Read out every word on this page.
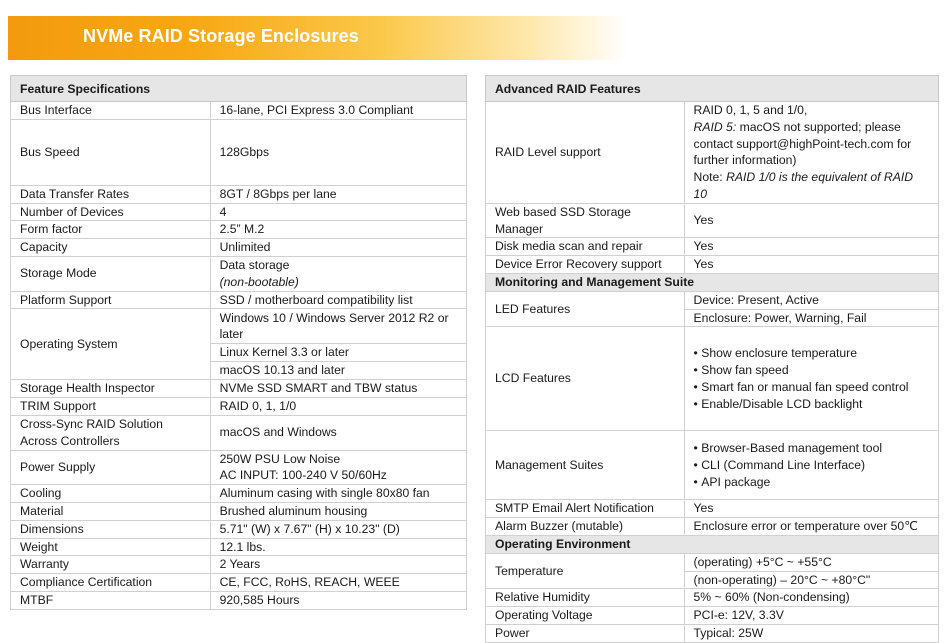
NVMe RAID Storage Enclosures
Feature Specifications	
Bus Interface	16-lane, PCI Express 3.0 Compliant
Bus Speed	128Gbps
Data Transfer Rates	8GT / 8Gbps per lane
Number of Devices	4
Form factor	2.5” M.2
Capacity	Unlimited
Storage Mode	Data storage
(non-bootable)

Platform Support	SSD / motherboard compatibility list
Operating System	Windows 10 / Windows Server 2012 R2 or later
	Linux Kernel 3.3 or later
	macOS 10.13 and later
Storage Health Inspector	NVMe SSD SMART and TBW status
TRIM Support	RAID 0, 1, 1/0
Cross-Sync RAID Solution Across Controllers	macOS and Windows
Power Supply	250W PSU Low Noise
AC INPUT: 100-240 V 50/60Hz

Cooling	Aluminum casing with single 80x80 fan
Material	Brushed aluminum housing
Dimensions	5.71" (W) x 7.67" (H) x 10.23" (D)
Weight	12.1 lbs.
Warranty	2 Years
Compliance Certification	CE, FCC, RoHS, REACH, WEEE
MTBF	920,585 Hours
Advanced RAID Features	
RAID Level support	RAID 0, 1, 5 and 1/0,
RAID 5: macOS not supported; please contact support@highPoint-tech.com for further information)
Note: RAID 1/0 is the equivalent of RAID 10

Web based SSD Storage Manager	Yes
Disk media scan and repair	Yes
Device Error Recovery support	Yes
Monitoring and Management Suite	
LED Features	Device: Present, Active
	Enclosure: Power, Warning, Fail
LCD Features	• Show enclosure temperature
• Show fan speed
• Smart fan or manual fan speed control
• Enable/Disable LCD backlight

Management Suites	• Browser-Based management tool
• CLI (Command Line Interface)
• API package

SMTP Email Alert Notification	Yes
Alarm Buzzer (mutable)	Enclosure error or temperature over 50℃
Operating Environment	
Temperature	(operating) +5°C ~ +55°C
	(non-operating) – 20°C ~ +80°C"
Relative Humidity	5% ~ 60% (Non-condensing)
Operating Voltage	PCI-e: 12V, 3.3V
Power	Typical: 25W
